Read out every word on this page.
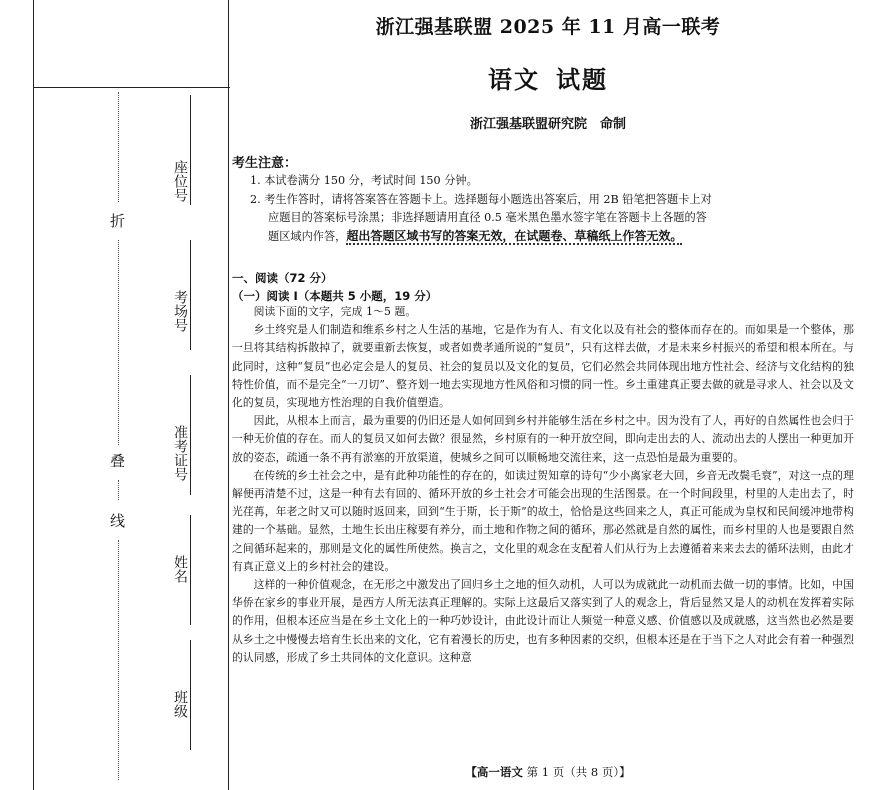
折
叠
线
座位号
考场号
准考证号
姓名
班级
浙江强基联盟 2025 年 11 月高一联考
语文 试题
浙江强基联盟研究院　命制
考生注意：
1. 本试卷满分 150 分，考试时间 150 分钟。
2. 考生作答时，请将答案答在答题卡上。选择题每小题选出答案后，用 2B 铅笔把答题卡上对
应题目的答案标号涂黑；非选择题请用直径 0.5 毫米黑色墨水签字笔在答题卡上各题的答
题区域内作答，超出答题区域书写的答案无效，在试题卷、草稿纸上作答无效。
一、阅读（72 分）
（一）阅读 I（本题共 5 小题，19 分）

阅读下面的文字，完成 1～5 题。

乡土终究是人们制造和维系乡村之人生活的基地，它是作为有人、有文化以及有社会的整体而存在的。而如果是一个整体，那一旦将其结构拆散掉了，就要重新去恢复，或者如费孝通所说的“复员”，只有这样去做，才是未来乡村振兴的希望和根本所在。与此同时，这种“复员”也必定会是人的复员、社会的复员以及文化的复员，它们必然会共同体现出地方性社会、经济与文化结构的独特性价值，而不是完全“一刀切”、整齐划一地去实现地方性风俗和习惯的同一性。乡土重建真正要去做的就是寻求人、社会以及文化的复员，实现地方性治理的自我价值塑造。

因此，从根本上而言，最为重要的仍旧还是人如何回到乡村并能够生活在乡村之中。因为没有了人，再好的自然属性也会归于一种无价值的存在。而人的复员又如何去做？很显然，乡村原有的一种开放空间，即向走出去的人、流动出去的人摆出一种更加开放的姿态，疏通一条不再有淤塞的开放渠道，使城乡之间可以顺畅地交流往来，这一点恐怕是最为重要的。

在传统的乡土社会之中，是有此种功能性的存在的，如读过贺知章的诗句“少小离家老大回，乡音无改鬓毛衰”，对这一点的理解便再清楚不过，这是一种有去有回的、循环开放的乡土社会才可能会出现的生活图景。在一个时间段里，村里的人走出去了，时光荏苒，年老之时又可以随时返回来，回到“生于斯，长于斯”的故土，恰恰是这些回来之人，真正可能成为皇权和民间缓冲地带构建的一个基础。显然，土地生长出庄稼要有养分，而土地和作物之间的循环，那必然就是自然的属性，而乡村里的人也是要跟自然之间循环起来的，那则是文化的属性所使然。换言之，文化里的观念在支配着人们从行为上去遵循着来来去去的循环法则，由此才有真正意义上的乡村社会的建设。

这样的一种价值观念，在无形之中激发出了回归乡土之地的恒久动机，人可以为成就此一动机而去做一切的事情。比如，中国华侨在家乡的事业开展，是西方人所无法真正理解的。实际上这最后又落实到了人的观念上，背后显然又是人的动机在发挥着实际的作用，但根本还应当是在乡土文化上的一种巧妙设计，由此设计而让人频觉一种意义感、价值感以及成就感，这当然也必然是要从乡土之中慢慢去培育生长出来的文化，它有着漫长的历史，也有多种因素的交织，但根本还是在于当下之人对此会有着一种强烈的认同感，形成了乡土共同体的文化意识。这种意

【高一语文 第 1 页（共 8 页）】
